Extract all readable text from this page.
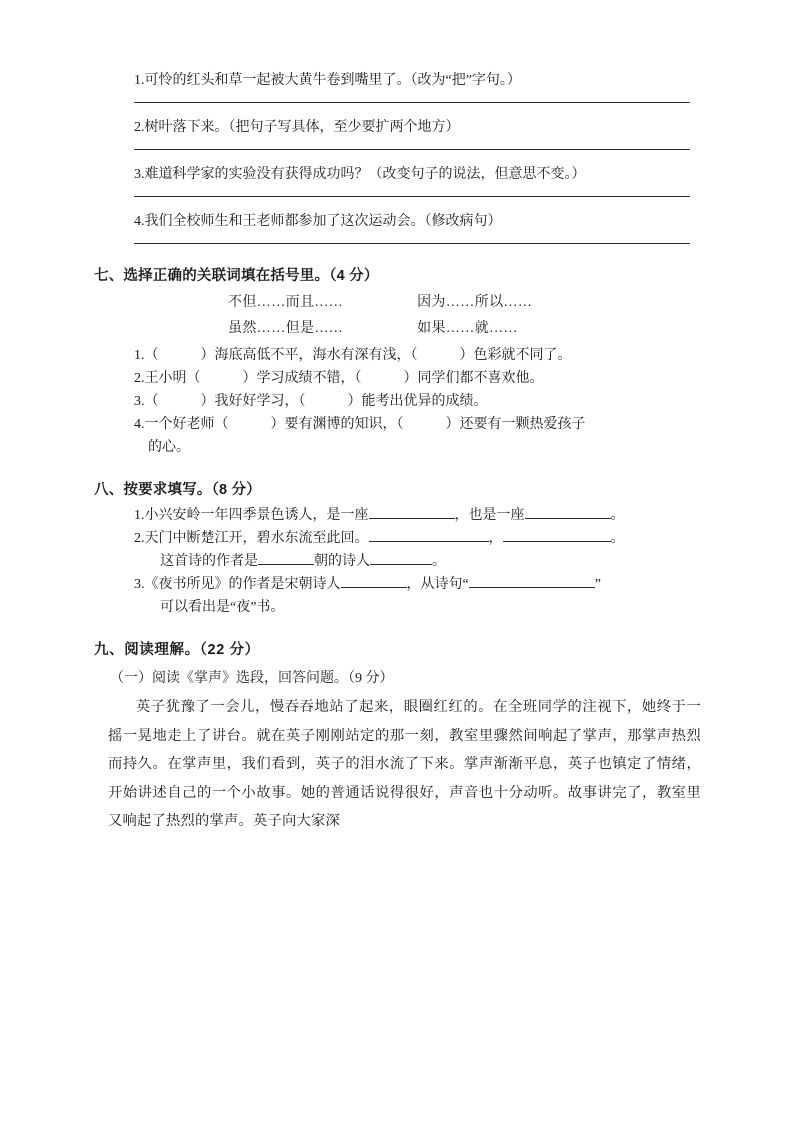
1.可怜的红头和草一起被大黄牛卷到嘴里了。（改为“把”字句。）

2.树叶落下来。（把句子写具体，至少要扩两个地方）

3.难道科学家的实验没有获得成功吗？（改变句子的说法，但意思不变。）

4.我们全校师生和王老师都参加了这次运动会。（修改病句）

七、选择正确的关联词填在括号里。（4 分）
不但……而且……	因为……所以……
虽然……但是……	如果……就……

1.（　　　）海底高低不平，海水有深有浅，（　　　）色彩就不同了。

2.王小明（　　　）学习成绩不错，（　　　）同学们都不喜欢他。

3.（　　　）我好好学习，（　　　）能考出优异的成绩。

4.一个好老师（　　　）要有渊博的知识，（　　　）还要有一颗热爱孩子

的心。

八、按要求填写。（8 分）

1.小兴安岭一年四季景色诱人，是一座	，也是一座	。

2.天门中断楚江开，碧水东流至此回。	，	。

这首诗的作者是	朝的诗人	。

3.《夜书所见》的作者是宋朝诗人	，从诗句“	”

可以看出是“夜”书。

九、阅读理解。（22 分）

（一）阅读《掌声》选段，回答问题。（9 分）

英子犹豫了一会儿，慢吞吞地站了起来，眼圈红红的。在全班同学的注视下，她终于一摇一晃地走上了讲台。就在英子刚刚站定的那一刻，教室里骤然间响起了掌声，那掌声热烈而持久。在掌声里，我们看到，英子的泪水流了下来。掌声渐渐平息，英子也镇定了情绪，开始讲述自己的一个小故事。她的普通话说得很好，声音也十分动听。故事讲完了，教室里又响起了热烈的掌声。英子向大家深
